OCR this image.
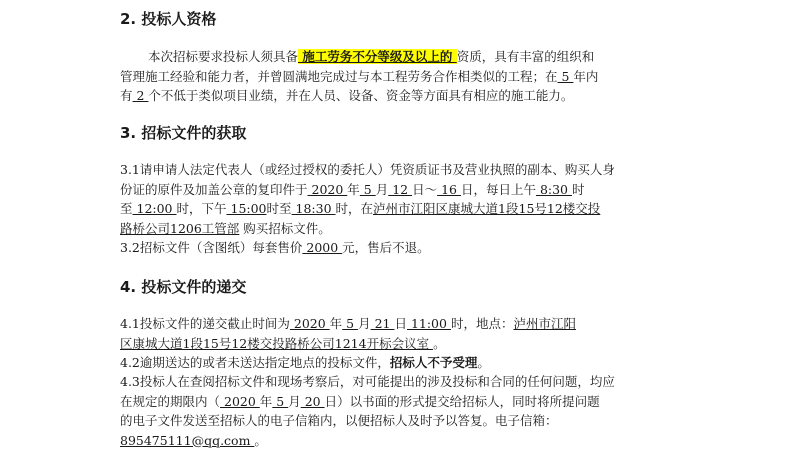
2. 投标人资格

本次招标要求投标人须具备 施工劳务不分等级及以上的 资质，具有丰富的组织和
管理施工经验和能力者，并曾圆满地完成过与本工程劳务合作相类似的工程；在 5 年内
有 2 个不低于类似项目业绩，并在人员、设备、资金等方面具有相应的施工能力。

3. 招标文件的获取

3.1请申请人法定代表人（或经过授权的委托人）凭资质证书及营业执照的副本、购买人身
份证的原件及加盖公章的复印件于 2020 年 5 月 12 日～ 16 日，每日上午 8:30 时
至 12:00 时，下午 15:00时至 18:30 时，在泸州市江阳区康城大道1段15号12楼交投
路桥公司1206工管部 购买招标文件。

3.2招标文件（含图纸）每套售价 2000 元，售后不退。

4. 投标文件的递交

4.1投标文件的递交截止时间为 2020 年 5 月 21 日 11:00 时，地点：泸州市江阳
区康城大道1段15号12楼交投路桥公司1214开标会议室 。

4.2逾期送达的或者未送达指定地点的投标文件，招标人不予受理。

4.3投标人在查阅招标文件和现场考察后，对可能提出的涉及投标和合同的任何问题，均应
在规定的期限内（ 2020 年 5 月 20 日）以书面的形式提交给招标人，同时将所提问题
的电子文件发送至招标人的电子信箱内，以便招标人及时予以答复。电子信箱：
895475111@qq.com 。
